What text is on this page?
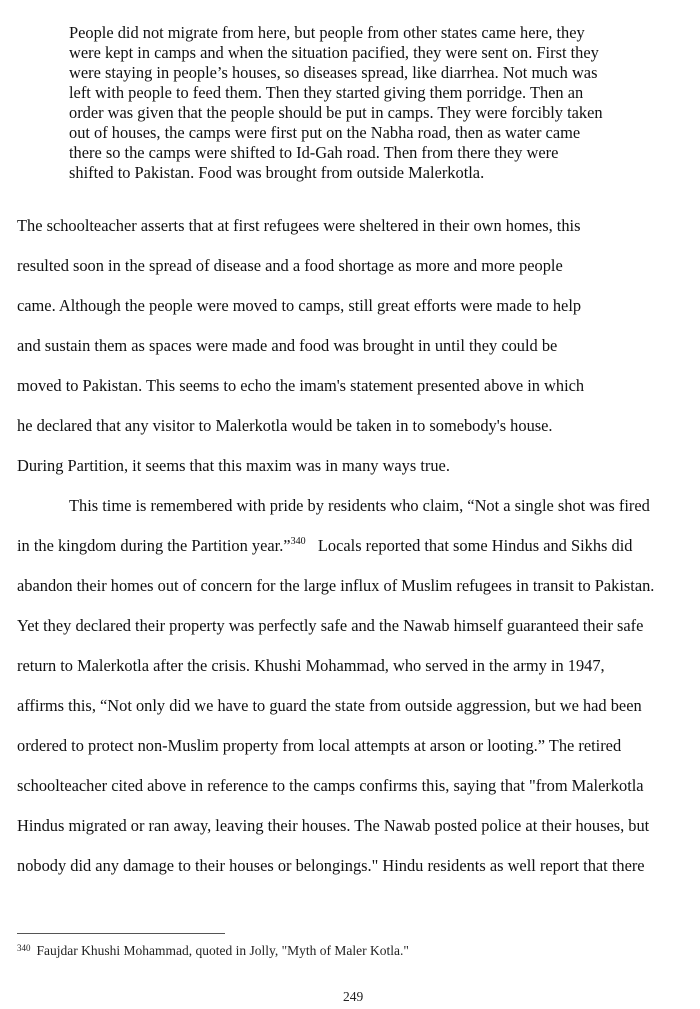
People did not migrate from here, but people from other states came here, they
were kept in camps and when the situation pacified, they were sent on. First they
were staying in people’s houses, so diseases spread, like diarrhea. Not much was
left with people to feed them. Then they started giving them porridge. Then an
order was given that the people should be put in camps. They were forcibly taken
out of houses, the camps were first put on the Nabha road, then as water came
there so the camps were shifted to Id-Gah road. Then from there they were
shifted to Pakistan. Food was brought from outside Malerkotla.
The schoolteacher asserts that at first refugees were sheltered in their own homes, this
resulted soon in the spread of disease and a food shortage as more and more people
came. Although the people were moved to camps, still great efforts were made to help
and sustain them as spaces were made and food was brought in until they could be
moved to Pakistan. This seems to echo the imam's statement presented above in which
he declared that any visitor to Malerkotla would be taken in to somebody's house.
During Partition, it seems that this maxim was in many ways true.
This time is remembered with pride by residents who claim, “Not a single shot was fired
in the kingdom during the Partition year.”$^{340}$   Locals reported that some Hindus and Sikhs did
abandon their homes out of concern for the large influx of Muslim refugees in transit to Pakistan.
Yet they declared their property was perfectly safe and the Nawab himself guaranteed their safe
return to Malerkotla after the crisis. Khushi Mohammad, who served in the army in 1947,
affirms this, “Not only did we have to guard the state from outside aggression, but we had been
ordered to protect non-Muslim property from local attempts at arson or looting.” The retired
schoolteacher cited above in reference to the camps confirms this, saying that "from Malerkotla
Hindus migrated or ran away, leaving their houses. The Nawab posted police at their houses, but
nobody did any damage to their houses or belongings." Hindu residents as well report that there
$^{340}$ Faujdar Khushi Mohammad, quoted in Jolly, "Myth of Maler Kotla."
249
